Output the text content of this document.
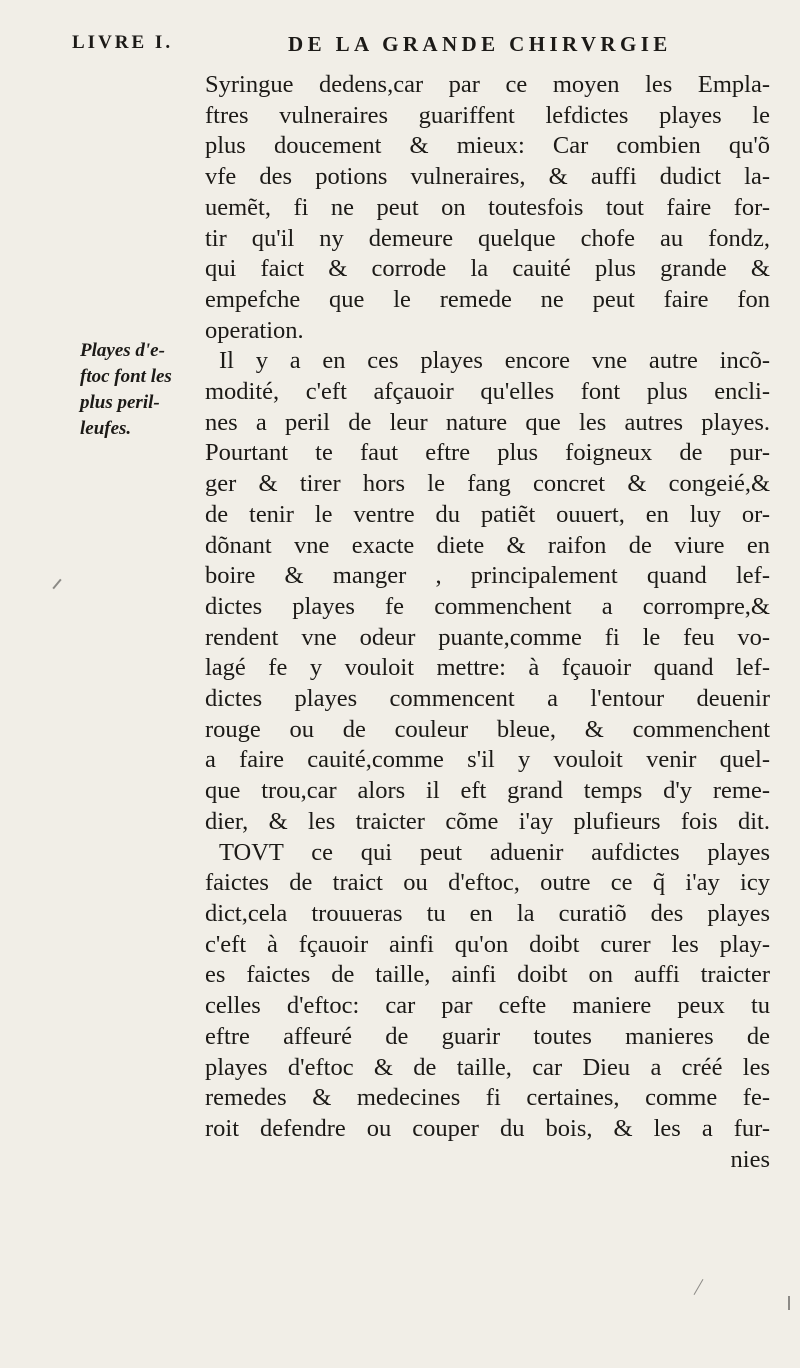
LIVRE I.	DE LA GRANDE CHIRVRGIE
Playes d'e-
ftoc font les
plus peril-
leufes.
Syringue dedens,car par ce moyen les Empla-
ftres vulneraires guariffent lefdictes playes le
plus doucement & mieux: Car combien qu'õ
vfe des potions vulneraires, & auffi dudict la-
uemẽt, fi ne peut on toutesfois tout faire for-
tir qu'il ny demeure quelque chofe au fondz,
qui faict & corrode la cauité plus grande &
empefche que le remede ne peut faire fon
operation.
Il y a en ces playes encore vne autre incõ-
modité, c'eft afçauoir qu'elles font plus encli-
nes a peril de leur nature que les autres playes.
Pourtant te faut eftre plus foigneux de pur-
ger & tirer hors le fang concret & congeié,&
de tenir le ventre du patiẽt ouuert, en luy or-
dõnant vne exacte diete & raifon de viure en
boire & manger , principalement quand lef-
dictes playes fe commenchent a corrompre,&
rendent vne odeur puante,comme fi le feu vo-
lagé fe y vouloit mettre: à fçauoir quand lef-
dictes playes commencent a l'entour deuenir
rouge ou de couleur bleue, & commenchent
a faire cauité,comme s'il y vouloit venir quel-
que trou,car alors il eft grand temps d'y reme-
dier, & les traicter cõme i'ay plufieurs fois dit.
TOVT ce qui peut aduenir aufdictes playes
faictes de traict ou d'eftoc, outre ce q̃ i'ay icy
dict,cela trouueras tu en la curatiõ des playes
c'eft à fçauoir ainfi qu'on doibt curer les play-
es faictes de taille, ainfi doibt on auffi traicter
celles d'eftoc: car par cefte maniere peux tu
eftre affeuré de guarir toutes manieres de
playes d'eftoc & de taille, car Dieu a créé les
remedes & medecines fi certaines, comme fe-
roit defendre ou couper du bois, & les a fur-
nies
